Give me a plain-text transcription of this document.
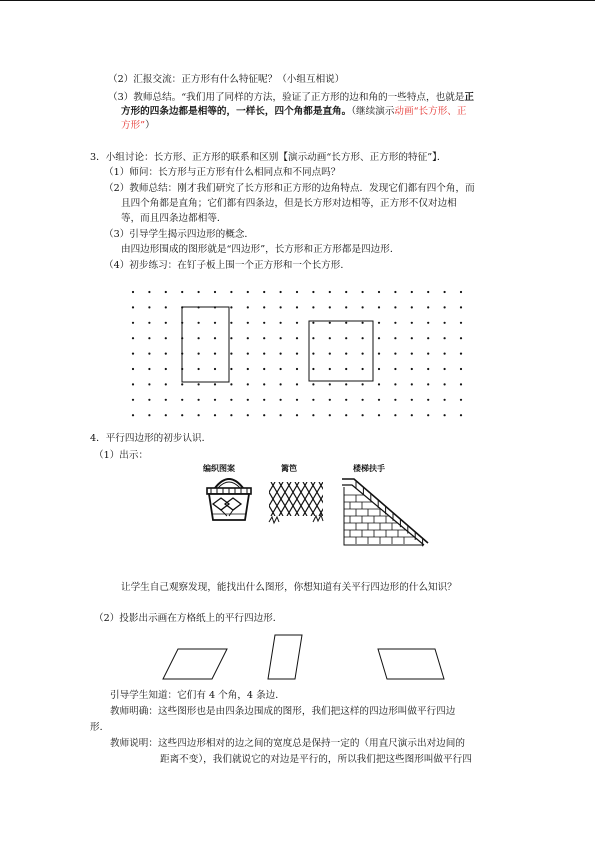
（2）汇报交流：正方形有什么特征呢？（小组互相说）
（3）教师总结。“我们用了同样的方法，验证了正方形的边和角的一些特点，也就是正
方形的四条边都是相等的，一样长，四个角都是直角。（继续演示动画“长方形、正
方形”）
3．小组讨论：长方形、正方形的联系和区别【演示动画“长方形、正方形的特征”】．
（1）师问：长方形与正方形有什么相同点和不同点吗？
（2）教师总结：刚才我们研究了长方形和正方形的边角特点．发现它们都有四个角，而
且四个角都是直角；它们都有四条边，但是长方形对边相等，正方形不仅对边相
等，而且四条边都相等．
（3）引导学生揭示四边形的概念．
由四边形围成的图形就是“四边形”，长方形和正方形都是四边形．
（4）初步练习：在钉子板上围一个正方形和一个长方形．
4．平行四边形的初步认识．
（1）出示：
编织图案	篱笆	楼梯扶手
让学生自己观察发现，能找出什么图形，你想知道有关平行四边形的什么知识？
（2）投影出示画在方格纸上的平行四边形．
引导学生知道：它们有 4 个角，4 条边．
教师明确：这些图形也是由四条边围成的图形，我们把这样的四边形叫做平行四边
形．
教师说明：这些四边形相对的边之间的宽度总是保持一定的（用直尺演示出对边间的
距离不变），我们就说它的对边是平行的，所以我们把这些图形叫做平行四
